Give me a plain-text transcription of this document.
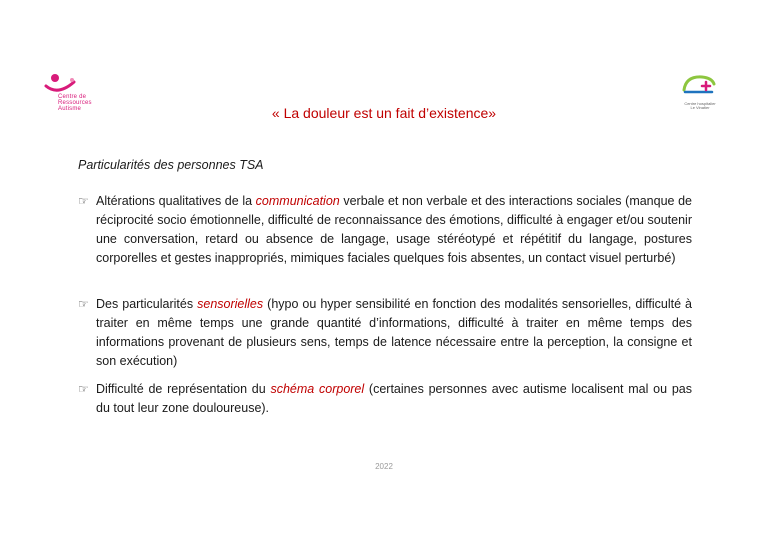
Centre de
Ressources
Autisme
Centre hospitalier
Le Vinatier
« La douleur est un fait d’existence»
Particularités des personnes TSA
☞ Altérations qualitatives de la communication verbale et non verbale et des interactions sociales (manque de réciprocité socio émotionnelle, difficulté de reconnaissance des émotions, difficulté à engager et/ou soutenir une conversation, retard ou absence de langage, usage stéréotypé et répétitif du langage, postures corporelles et gestes inappropriés, mimiques faciales quelques fois absentes, un contact visuel perturbé)
☞ Des particularités sensorielles (hypo ou hyper sensibilité en fonction des modalités sensorielles, difficulté à traiter en même temps une grande quantité d’informations, difficulté à traiter en même temps des informations provenant de plusieurs sens, temps de latence nécessaire entre la perception, la consigne et son exécution)
☞ Difficulté de représentation du schéma corporel (certaines personnes avec autisme localisent mal ou pas du tout leur zone douloureuse).
2022
